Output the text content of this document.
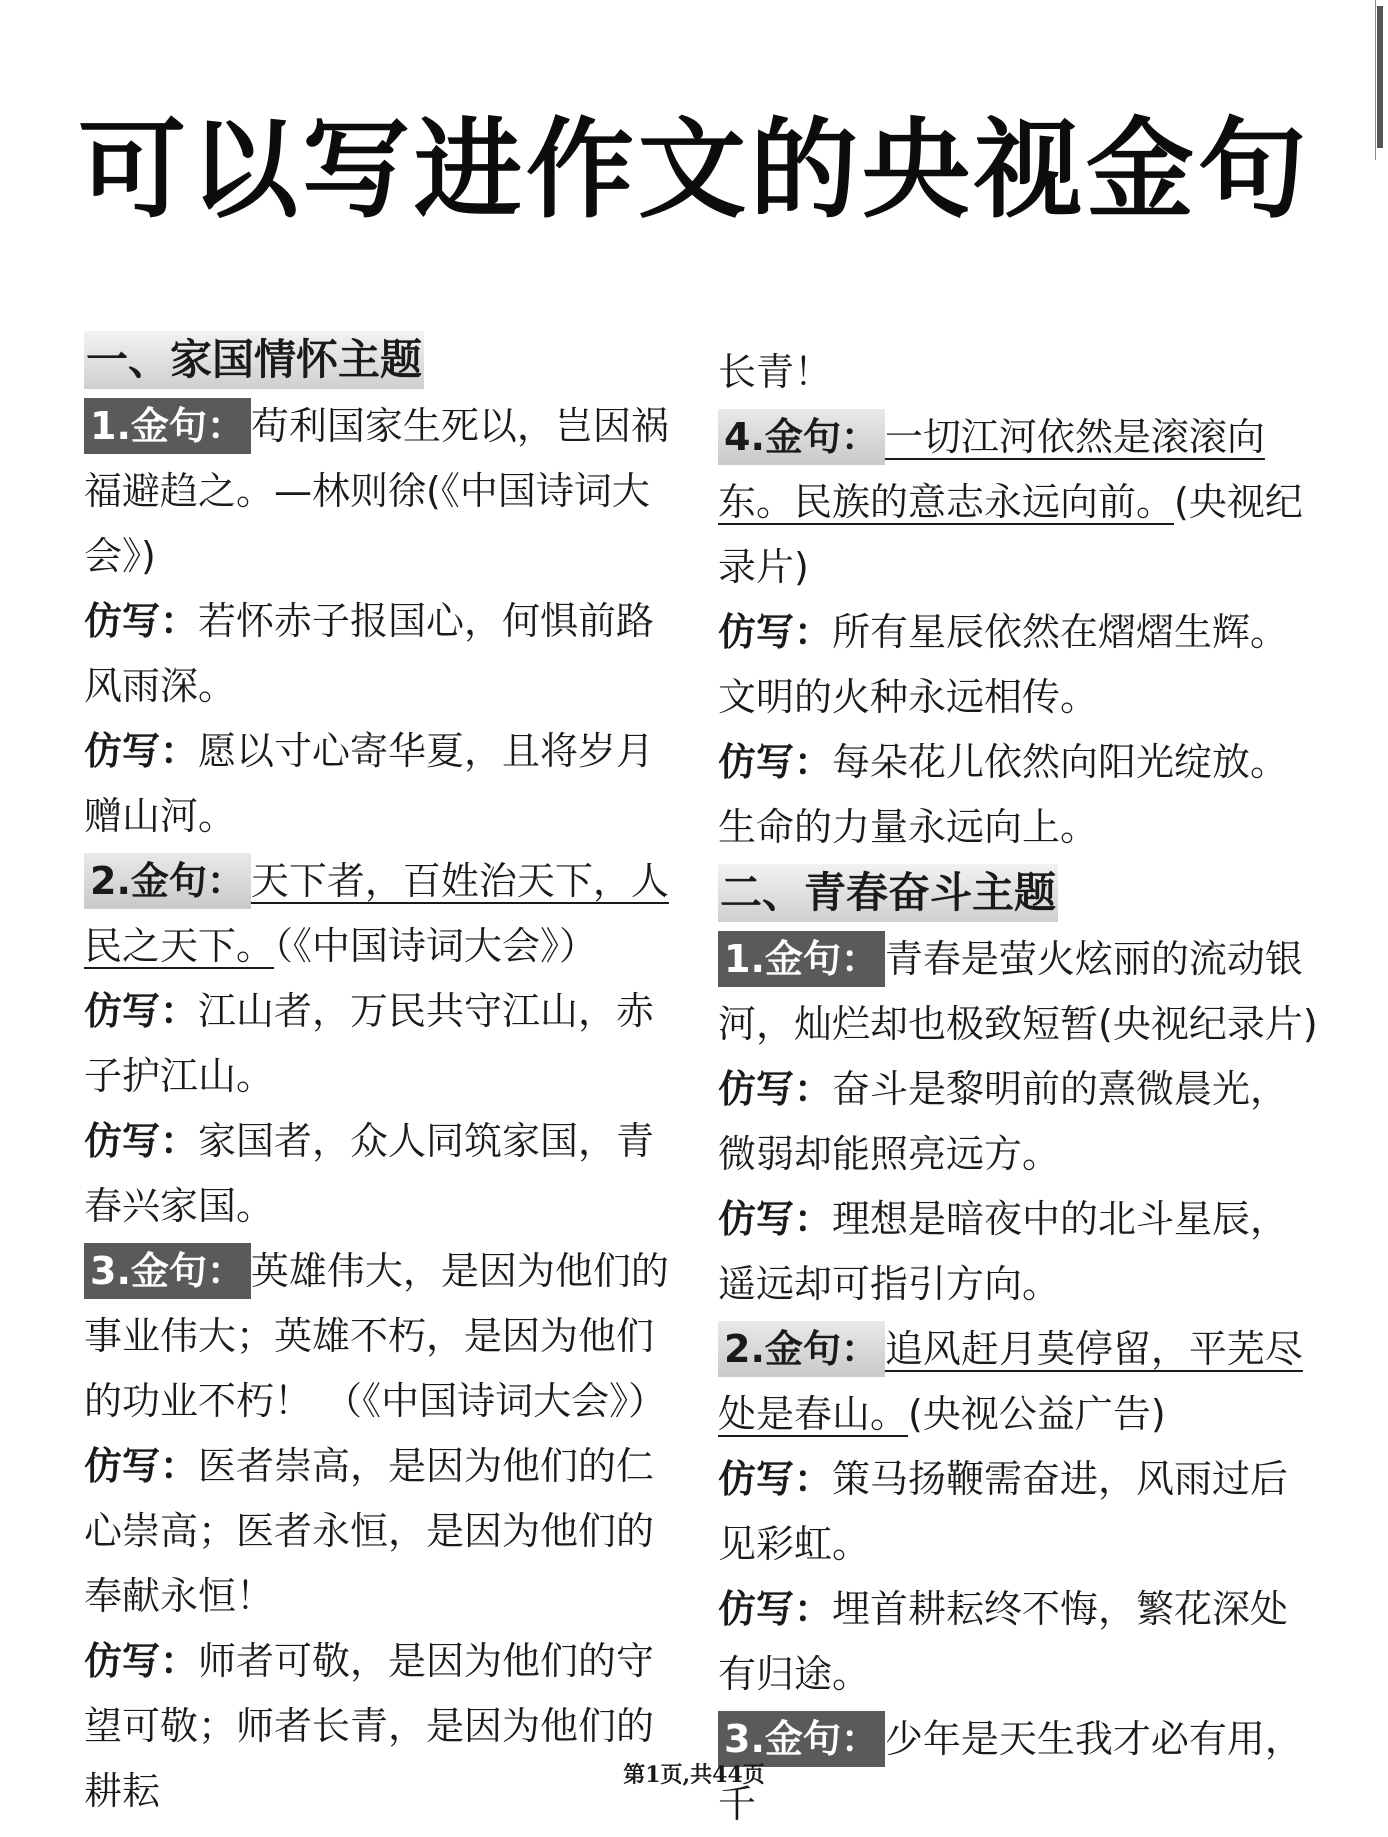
可以写进作文的央视金句

一、家国情怀主题

1.金句： 苟利国家生死以，岂因祸福避趋之。—林则徐(《中国诗词大会》)

仿写：若怀赤子报国心，何惧前路风雨深。

仿写：愿以寸心寄华夏，且将岁月赠山河。

2.金句： 天下者，百姓治天下，人民之天下。（《中国诗词大会》）

仿写：江山者，万民共守江山，赤子护江山。

仿写：家国者，众人同筑家国，青春兴家国。

3.金句： 英雄伟大，是因为他们的事业伟大；英雄不朽，是因为他们的功业不朽！ （《中国诗词大会》）

仿写：医者崇高，是因为他们的仁心崇高；医者永恒，是因为他们的奉献永恒！

仿写：师者可敬，是因为他们的守望可敬；师者长青，是因为他们的耕耘

长青！

4.金句： 一切江河依然是滚滚向东。民族的意志永远向前。(央视纪录片)

仿写：所有星辰依然在熠熠生辉。文明的火种永远相传。

仿写：每朵花儿依然向阳光绽放。生命的力量永远向上。

二、青春奋斗主题

1.金句： 青春是萤火炫丽的流动银河，灿烂却也极致短暂(央视纪录片)

仿写：奋斗是黎明前的熹微晨光，微弱却能照亮远方。

仿写：理想是暗夜中的北斗星辰，遥远却可指引方向。

2.金句： 追风赶月莫停留，平芜尽处是春山。(央视公益广告)

仿写：策马扬鞭需奋进，风雨过后见彩虹。

仿写：埋首耕耘终不悔，繁花深处有归途。

3.金句： 少年是天生我才必有用，千

第1页,共44页
